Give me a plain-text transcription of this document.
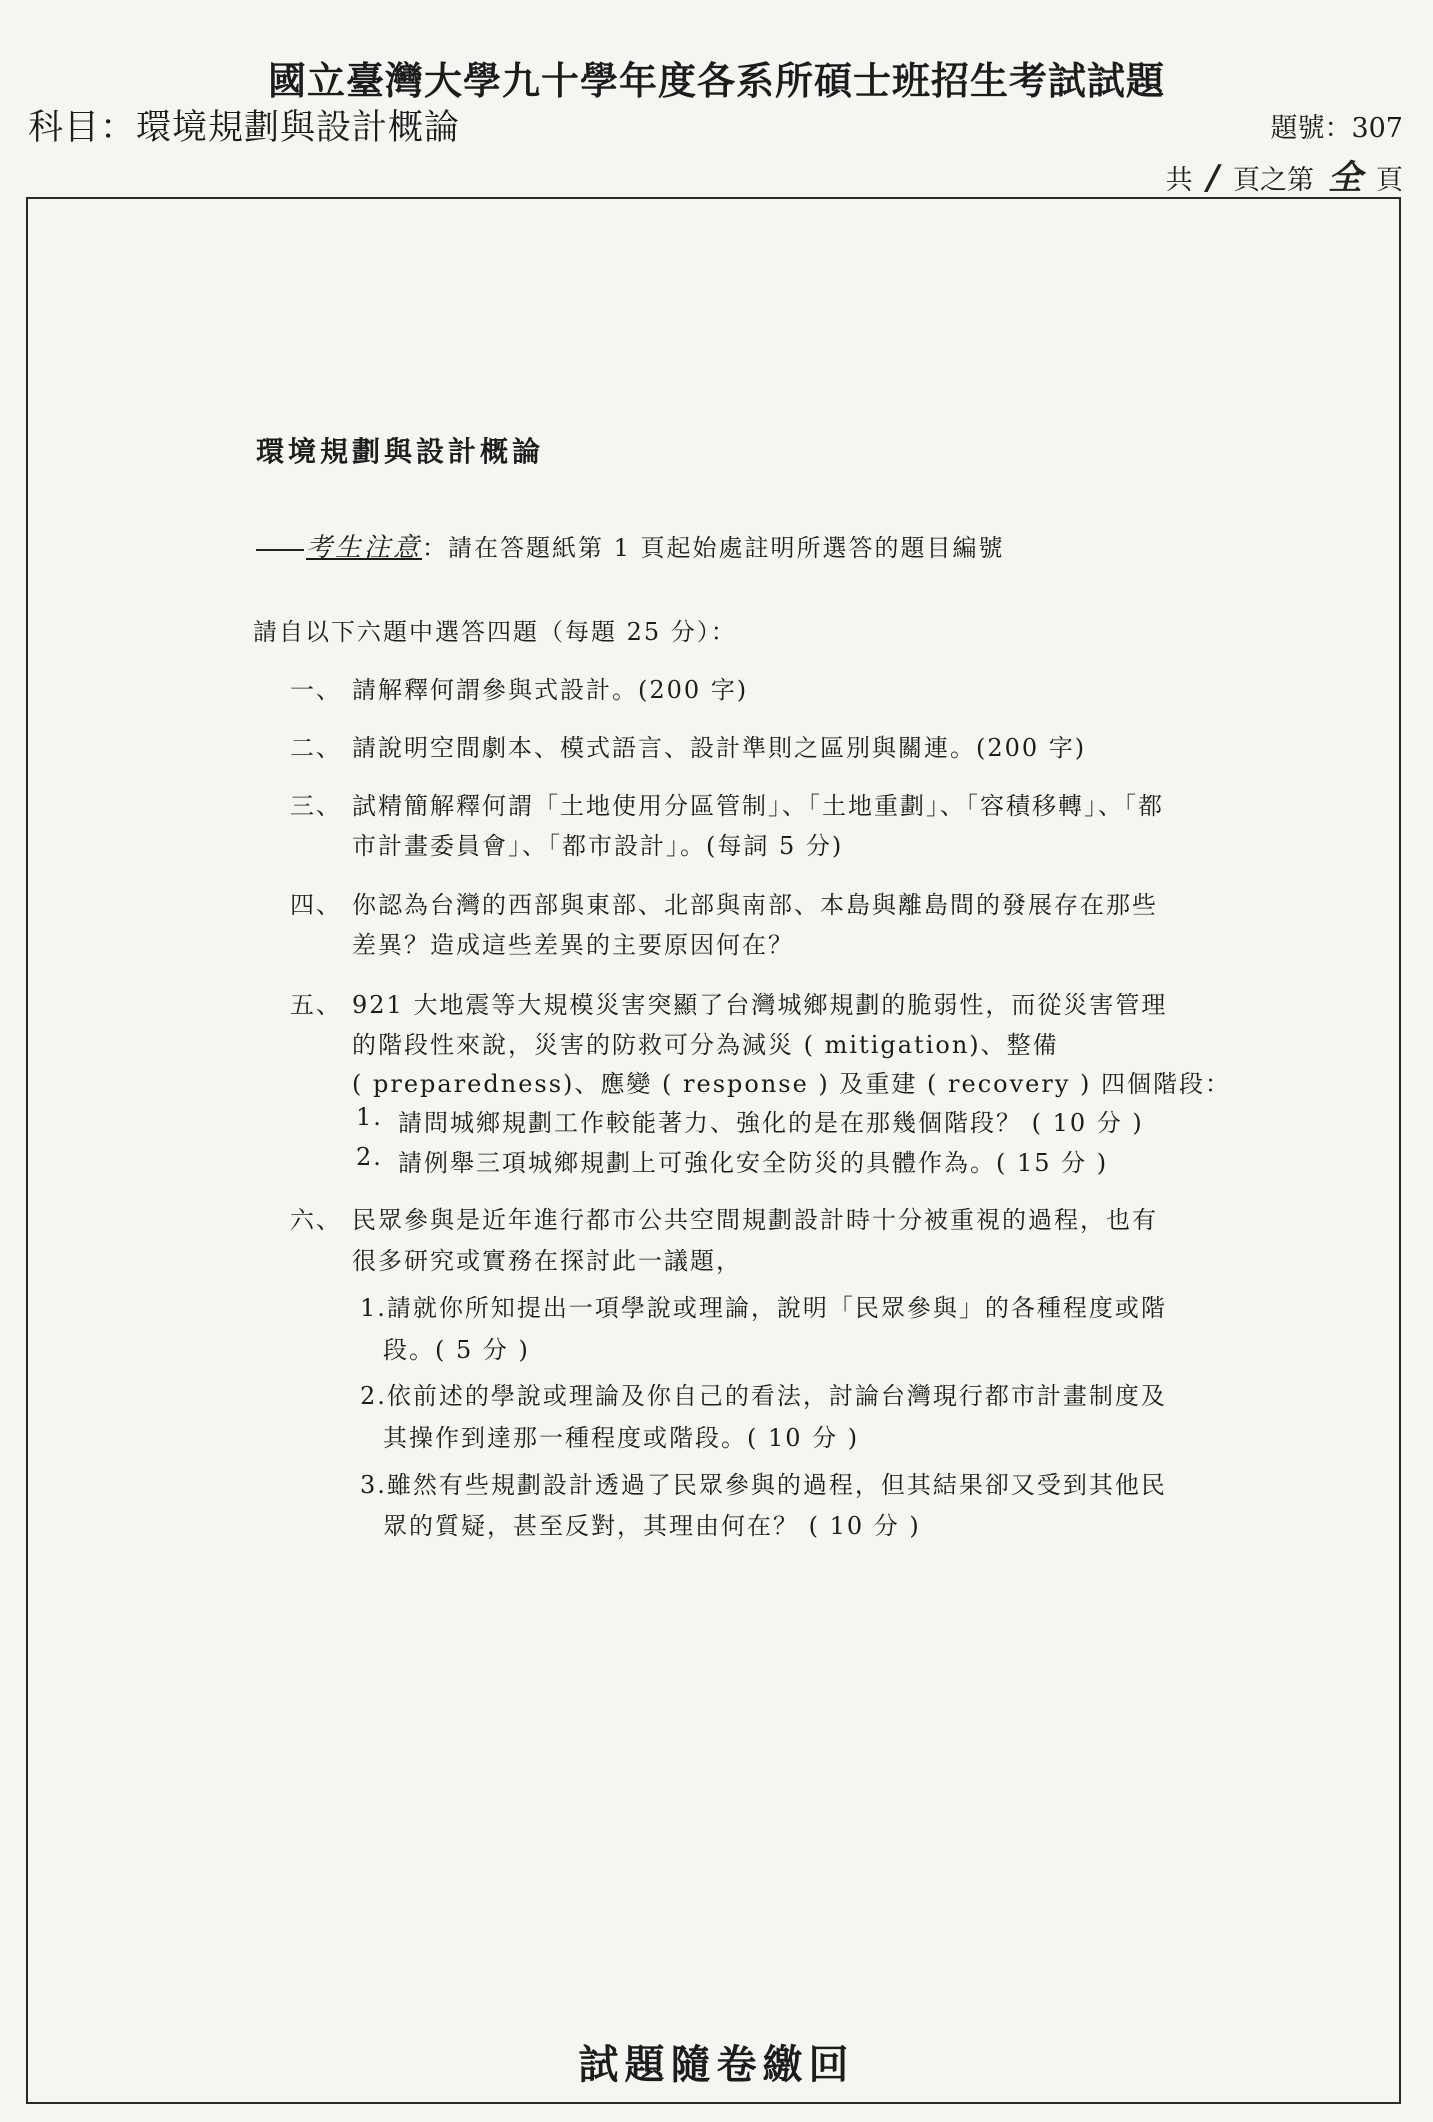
國立臺灣大學九十學年度各系所碩士班招生考試試題
科目：環境規劃與設計概論	題號：307
共 / 頁之第 全 頁
環境規劃與設計概論
考生注意：請在答題紙第 1 頁起始處註明所選答的題目編號
請自以下六題中選答四題（每題 25 分）：
一、 請解釋何謂參與式設計。(200 字)
二、 請說明空間劇本、模式語言、設計準則之區別與關連。(200 字)
三、 試精簡解釋何謂「土地使用分區管制」、「土地重劃」、「容積移轉」、「都
市計畫委員會」、「都市設計」。(每詞 5 分)
四、 你認為台灣的西部與東部、北部與南部、本島與離島間的發展存在那些
差異？造成這些差異的主要原因何在？
五、 921 大地震等大規模災害突顯了台灣城鄉規劃的脆弱性，而從災害管理
的階段性來說，災害的防救可分為減災 ( mitigation)、整備
( preparedness)、應變 ( response ) 及重建 ( recovery ) 四個階段：
1. 請問城鄉規劃工作較能著力、強化的是在那幾個階段？ ( 10 分 )
2. 請例舉三項城鄉規劃上可強化安全防災的具體作為。( 15 分 )
六、 民眾參與是近年進行都市公共空間規劃設計時十分被重視的過程，也有
很多研究或實務在探討此一議題，
1.請就你所知提出一項學說或理論，說明「民眾參與」的各種程度或階
段。( 5 分 )
2.依前述的學說或理論及你自己的看法，討論台灣現行都市計畫制度及
其操作到達那一種程度或階段。( 10 分 )
3.雖然有些規劃設計透過了民眾參與的過程，但其結果卻又受到其他民
眾的質疑，甚至反對，其理由何在？ ( 10 分 )
試題隨卷繳回
